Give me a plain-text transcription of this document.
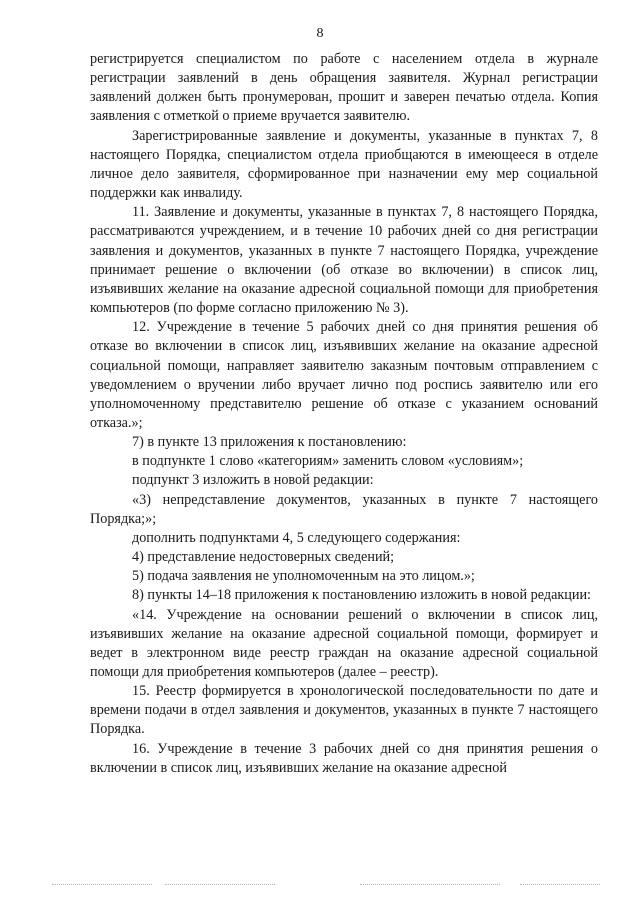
8

регистрируется специалистом по работе с населением отдела в журнале регистрации заявлений в день обращения заявителя. Журнал регистрации заявлений должен быть пронумерован, прошит и заверен печатью отдела. Копия заявления с отметкой о приеме вручается заявителю.

Зарегистрированные заявление и документы, указанные в пунктах 7, 8 настоящего Порядка, специалистом отдела приобщаются в имеющееся в отделе личное дело заявителя, сформированное при назначении ему мер социальной поддержки как инвалиду.

11. Заявление и документы, указанные в пунктах 7, 8 настоящего Порядка, рассматриваются учреждением, и в течение 10 рабочих дней со дня регистрации заявления и документов, указанных в пункте 7 настоящего Порядка, учреждение принимает решение о включении (об отказе во включении) в список лиц, изъявивших желание на оказание адресной социальной помощи для приобретения компьютеров (по форме согласно приложению № 3).

12. Учреждение в течение 5 рабочих дней со дня принятия решения об отказе во включении в список лиц, изъявивших желание на оказание адресной социальной помощи, направляет заявителю заказным почтовым отправлением с уведомлением о вручении либо вручает лично под роспись заявителю или его уполномоченному представителю решение об отказе с указанием оснований отказа.»;

7) в пункте 13 приложения к постановлению:

в подпункте 1 слово «категориям» заменить словом «условиям»;

подпункт 3 изложить в новой редакции:

«3) непредставление документов, указанных в пункте 7 настоящего Порядка;»;

дополнить подпунктами 4, 5 следующего содержания:

4) представление недостоверных сведений;

5) подача заявления не уполномоченным на это лицом.»;

8) пункты 14–18 приложения к постановлению изложить в новой редакции:

«14. Учреждение на основании решений о включении в список лиц, изъявивших желание на оказание адресной социальной помощи, формирует и ведет в электронном виде реестр граждан на оказание адресной социальной помощи для приобретения компьютеров (далее – реестр).

15. Реестр формируется в хронологической последовательности по дате и времени подачи в отдел заявления и документов, указанных в пункте 7 настоящего Порядка.

16. Учреждение в течение 3 рабочих дней со дня принятия решения о включении в список лиц, изъявивших желание на оказание адресной
